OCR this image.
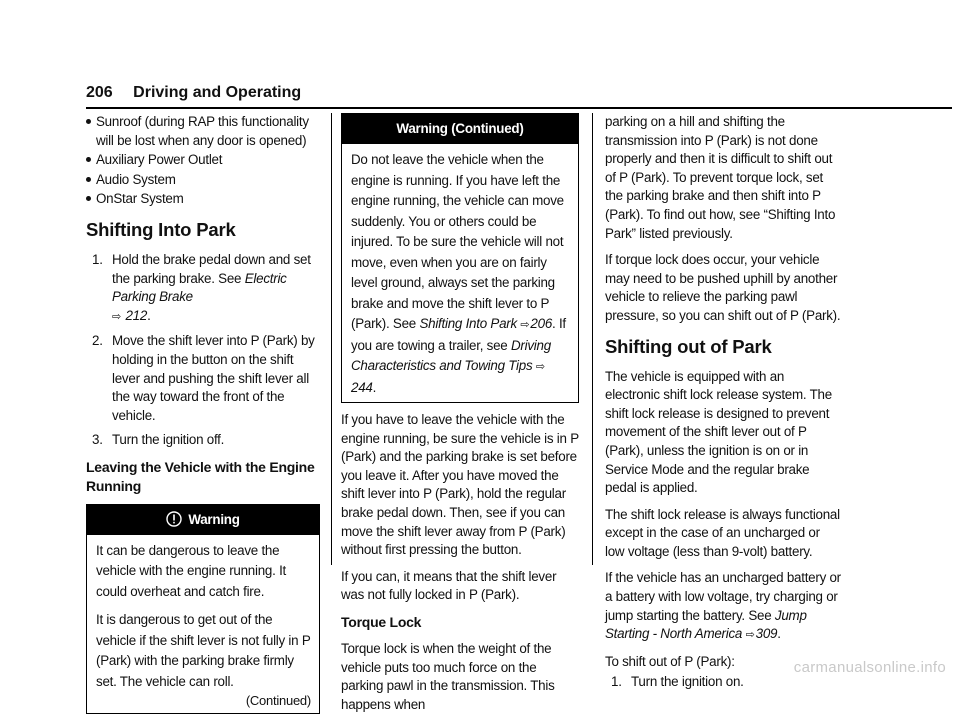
206 Driving and Operating
Sunroof (during RAP this functionality will be lost when any door is opened)
Auxiliary Power Outlet
Audio System
OnStar System
Shifting Into Park
1. Hold the brake pedal down and set the parking brake. See Electric Parking Brake
⇨ 212.
2. Move the shift lever into P (Park) by holding in the button on the shift lever and pushing the shift lever all the way toward the front of the vehicle.
3. Turn the ignition off.
Leaving the Vehicle with the Engine Running
Warning

It can be dangerous to leave the vehicle with the engine running. It could overheat and catch fire.

It is dangerous to get out of the vehicle if the shift lever is not fully in P (Park) with the parking brake firmly set. The vehicle can roll.

(Continued)
Warning (Continued)
Do not leave the vehicle when the engine is running. If you have left the engine running, the vehicle can move suddenly. You or others could be injured. To be sure the vehicle will not move, even when you are on fairly level ground, always set the parking brake and move the shift lever to P (Park). See Shifting Into Park ⇨206. If you are towing a trailer, see Driving Characteristics and Towing Tips ⇨244.

If you have to leave the vehicle with the engine running, be sure the vehicle is in P (Park) and the parking brake is set before you leave it. After you have moved the shift lever into P (Park), hold the regular brake pedal down. Then, see if you can move the shift lever away from P (Park) without first pressing the button.

If you can, it means that the shift lever was not fully locked in P (Park).

Torque Lock

Torque lock is when the weight of the vehicle puts too much force on the parking pawl in the transmission. This happens when

parking on a hill and shifting the transmission into P (Park) is not done properly and then it is difficult to shift out of P (Park). To prevent torque lock, set the parking brake and then shift into P (Park). To find out how, see “Shifting Into Park” listed previously.

If torque lock does occur, your vehicle may need to be pushed uphill by another vehicle to relieve the parking pawl pressure, so you can shift out of P (Park).

Shifting out of Park

The vehicle is equipped with an electronic shift lock release system. The shift lock release is designed to prevent movement of the shift lever out of P (Park), unless the ignition is on or in Service Mode and the regular brake pedal is applied.

The shift lock release is always functional except in the case of an uncharged or low voltage (less than 9-volt) battery.

If the vehicle has an uncharged battery or a battery with low voltage, try charging or jump starting the battery. See Jump Starting - North America ⇨309.

To shift out of P (Park):

1. Turn the ignition on.
carmanualsonline.info
